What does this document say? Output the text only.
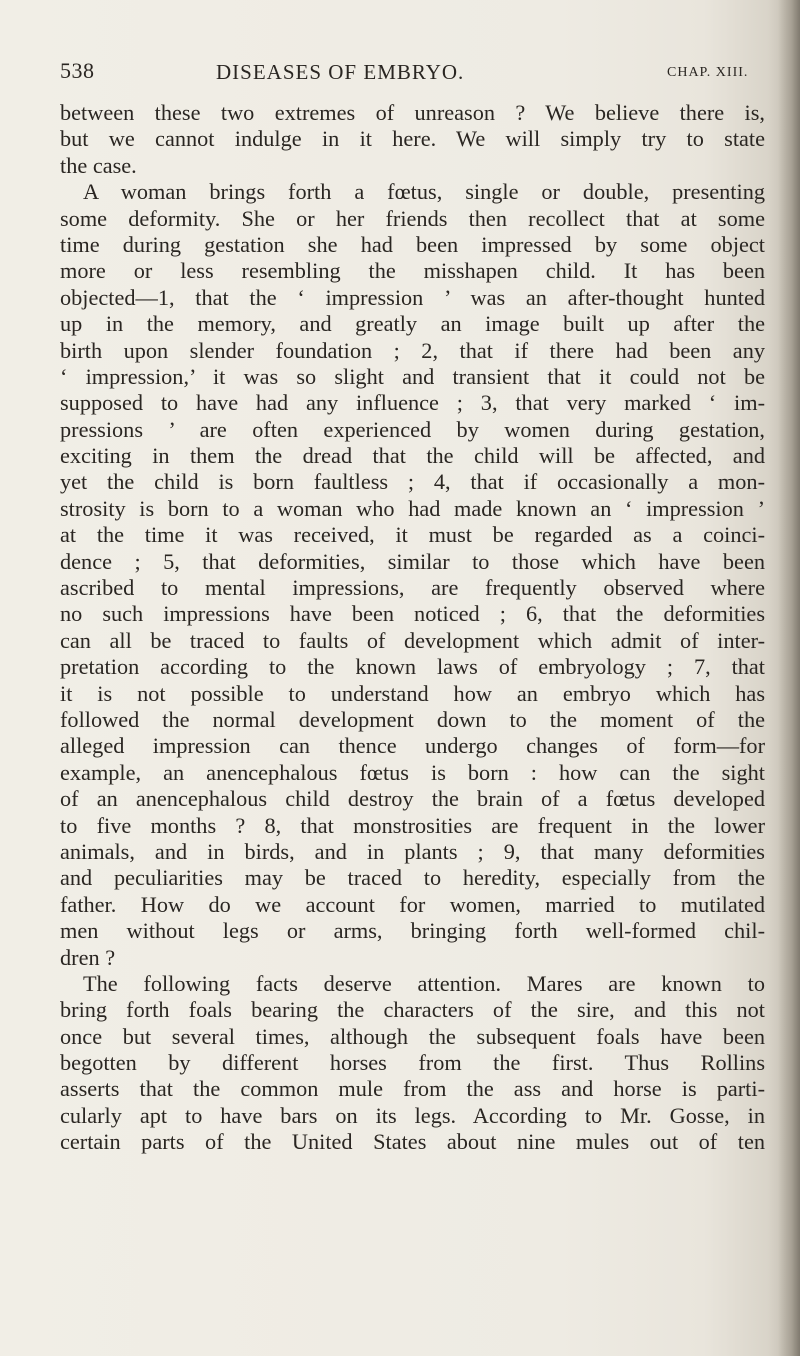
538	DISEASES OF EMBRYO.	CHAP. XIII.
between these two extremes of unreason ? We believe there is,
but we cannot indulge in it here. We will simply try to state
the case.
A woman brings forth a fœtus, single or double, presenting
some deformity. She or her friends then recollect that at some
time during gestation she had been impressed by some object
more or less resembling the misshapen child. It has been
objected—1, that the ‘ impression ’ was an after-thought hunted
up in the memory, and greatly an image built up after the
birth upon slender foundation ; 2, that if there had been any
‘ impression,’ it was so slight and transient that it could not be
supposed to have had any influence ; 3, that very marked ‘ im-
pressions ’ are often experienced by women during gestation,
exciting in them the dread that the child will be affected, and
yet the child is born faultless ; 4, that if occasionally a mon-
strosity is born to a woman who had made known an ‘ impression ’
at the time it was received, it must be regarded as a coinci-
dence ; 5, that deformities, similar to those which have been
ascribed to mental impressions, are frequently observed where
no such impressions have been noticed ; 6, that the deformities
can all be traced to faults of development which admit of inter-
pretation according to the known laws of embryology ; 7, that
it is not possible to understand how an embryo which has
followed the normal development down to the moment of the
alleged impression can thence undergo changes of form—for
example, an anencephalous fœtus is born : how can the sight
of an anencephalous child destroy the brain of a fœtus developed
to five months ? 8, that monstrosities are frequent in the lower
animals, and in birds, and in plants ; 9, that many deformities
and peculiarities may be traced to heredity, especially from the
father. How do we account for women, married to mutilated
men without legs or arms, bringing forth well-formed chil-
dren ?
The following facts deserve attention. Mares are known to
bring forth foals bearing the characters of the sire, and this not
once but several times, although the subsequent foals have been
begotten by different horses from the first. Thus Rollins
asserts that the common mule from the ass and horse is parti-
cularly apt to have bars on its legs. According to Mr. Gosse, in
certain parts of the United States about nine mules out of ten
